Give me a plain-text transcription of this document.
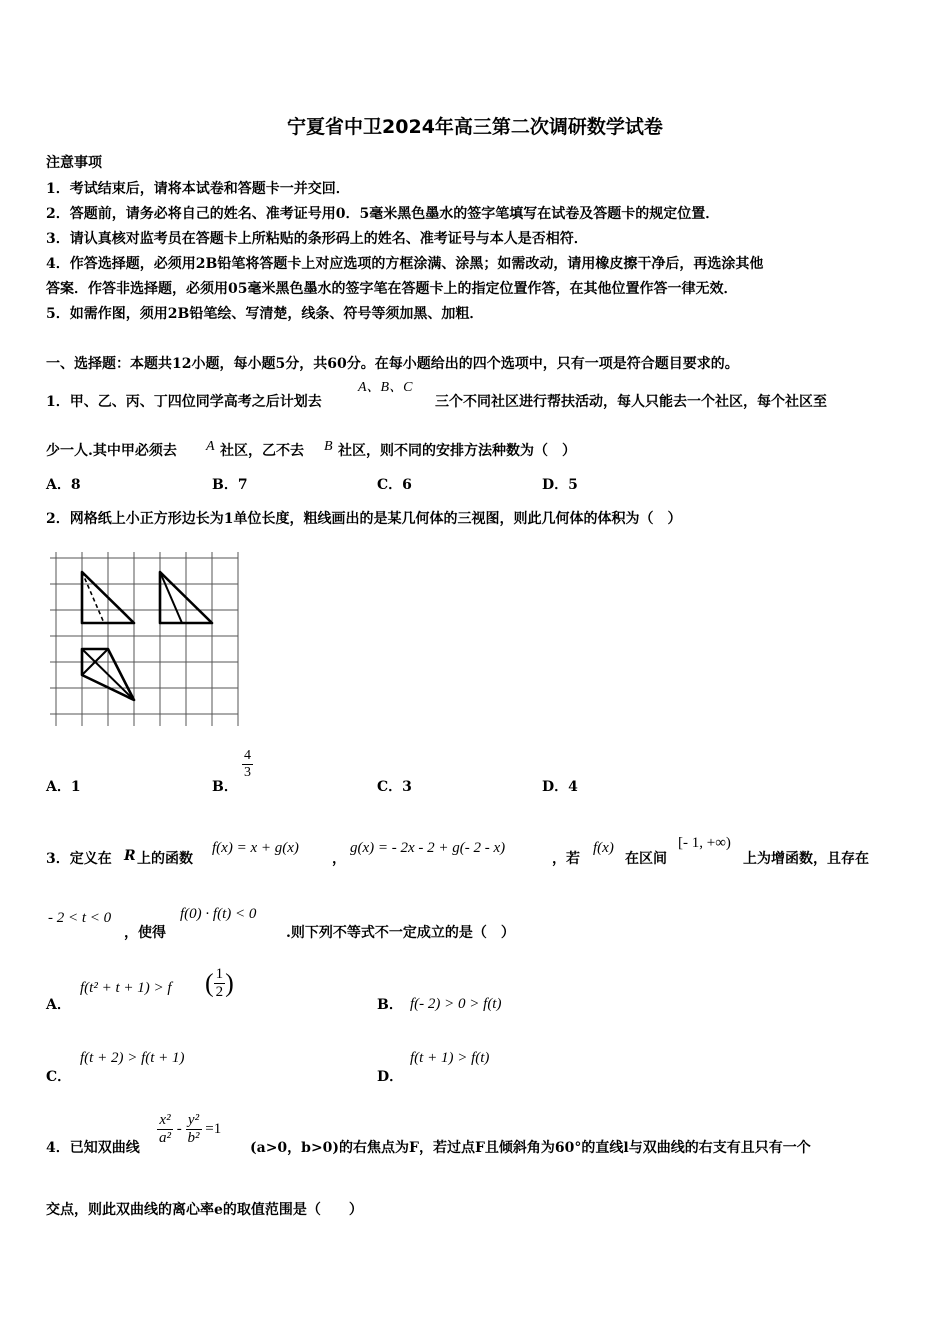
宁夏省中卫2024年高三第二次调研数学试卷
注意事项
1．考试结束后，请将本试卷和答题卡一并交回．
2．答题前，请务必将自己的姓名、准考证号用0．5毫米黑色墨水的签字笔填写在试卷及答题卡的规定位置．
3．请认真核对监考员在答题卡上所粘贴的条形码上的姓名、准考证号与本人是否相符．
4．作答选择题，必须用2B铅笔将答题卡上对应选项的方框涂满、涂黑；如需改动，请用橡皮擦干净后，再选涂其他
答案．作答非选择题，必须用05毫米黑色墨水的签字笔在答题卡上的指定位置作答，在其他位置作答一律无效．
5．如需作图，须用2B铅笔绘、写清楚，线条、符号等须加黑、加粗．
一、选择题：本题共12小题，每小题5分，共60分。在每小题给出的四个选项中，只有一项是符合题目要求的。
1．甲、乙、丙、丁四位同学高考之后计划去
A、B、C
三个不同社区进行帮扶活动，每人只能去一个社区，每个社区至
少一人.其中甲必须去 A 社区，乙不去 B 社区，则不同的安排方法种数为（　）
A．8	B．7	C．6	D．5
2．网格纸上小正方形边长为1单位长度，粗线画出的是某几何体的三视图，则此几何体的体积为（　）
A．1	B．
$\frac{4}{3}$
C．3	D．4
3．定义在 R 上的函数
f(x) = x + g(x)
，
g(x) = - 2x - 2 + g(- 2 - x)
，若
f(x)
在区间
[- 1, +∞)
上为增函数，且存在
- 2 < t < 0
，使得
f(0) · f(t) < 0
.则下列不等式不一定成立的是（　）
A．
f(t² + t + 1) > f ( $\frac{1}{2}$ )
B． f(- 2) > 0 > f(t)
C．
f(t + 2) > f(t + 1)
D．
f(t + 1) > f(t)
4．已知双曲线
$\frac{\text{x²}}{\text{a²}} - \frac{\text{y²}}{\text{b²}} =1$
(a>0，b>0)的右焦点为F，若过点F且倾斜角为60°的直线l与双曲线的右支有且只有一个
交点，则此双曲线的离心率e的取值范围是（　　）
